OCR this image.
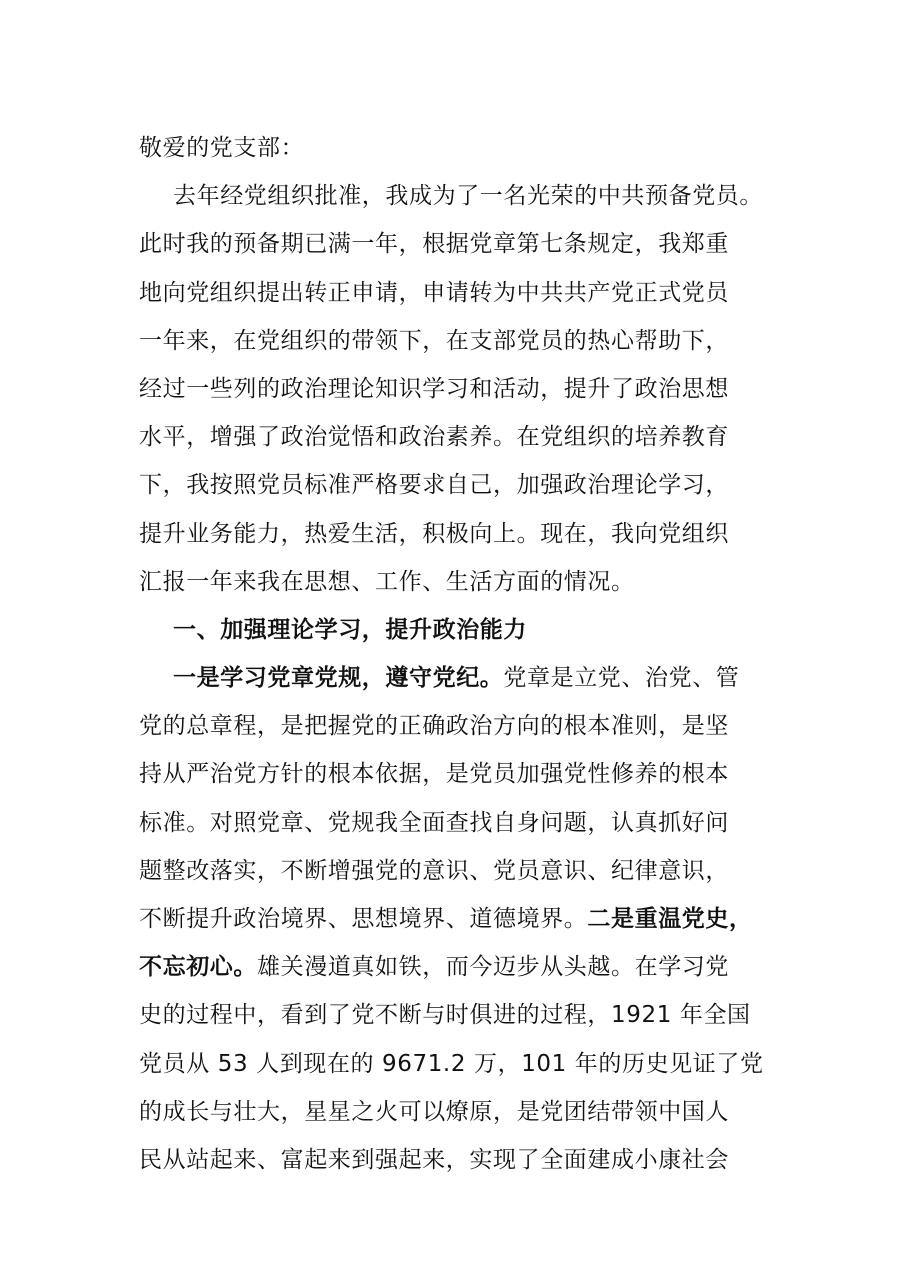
敬爱的党支部：
去年经党组织批准，我成为了一名光荣的中共预备党员。
此时我的预备期已满一年，根据党章第七条规定，我郑重
地向党组织提出转正申请，申请转为中共共产党正式党员
一年来，在党组织的带领下，在支部党员的热心帮助下，
经过一些列的政治理论知识学习和活动，提升了政治思想
水平，增强了政治觉悟和政治素养。在党组织的培养教育
下，我按照党员标准严格要求自己，加强政治理论学习，
提升业务能力，热爱生活，积极向上。现在，我向党组织
汇报一年来我在思想、工作、生活方面的情况。
一、加强理论学习，提升政治能力
一是学习党章党规，遵守党纪。党章是立党、治党、管
党的总章程，是把握党的正确政治方向的根本准则，是坚
持从严治党方针的根本依据，是党员加强党性修养的根本
标准。对照党章、党规我全面查找自身问题，认真抓好问
题整改落实，不断增强党的意识、党员意识、纪律意识，
不断提升政治境界、思想境界、道德境界。二是重温党史，
不忘初心。雄关漫道真如铁，而今迈步从头越。在学习党
史的过程中，看到了党不断与时俱进的过程，1921 年全国
党员从 53 人到现在的 9671.2 万，101 年的历史见证了党
的成长与壮大，星星之火可以燎原，是党团结带领中国人
民从站起来、富起来到强起来，实现了全面建成小康社会
